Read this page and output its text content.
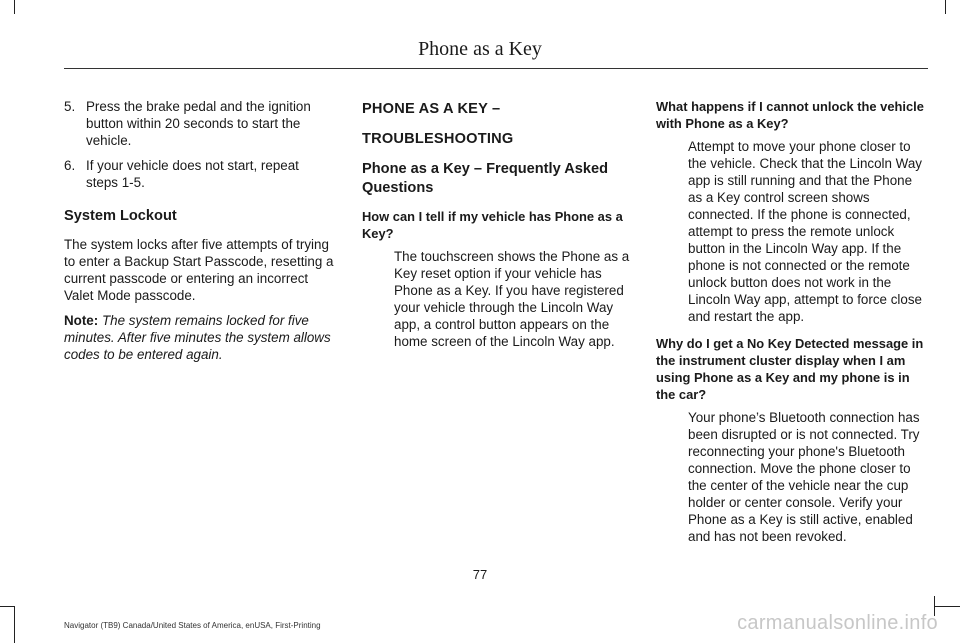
Phone as a Key
5. Press the brake pedal and the ignition button within 20 seconds to start the vehicle.
6. If your vehicle does not start, repeat steps 1-5.
System Lockout

The system locks after five attempts of trying to enter a Backup Start Passcode, resetting a current passcode or entering an incorrect Valet Mode passcode.

Note: The system remains locked for five minutes. After five minutes the system allows codes to be entered again.

PHONE AS A KEY –
TROUBLESHOOTING
Phone as a Key – Frequently Asked Questions
How can I tell if my vehicle has Phone as a Key?
The touchscreen shows the Phone as a Key reset option if your vehicle has Phone as a Key. If you have registered your vehicle through the Lincoln Way app, a control button appears on the home screen of the Lincoln Way app.
What happens if I cannot unlock the vehicle with Phone as a Key?
Attempt to move your phone closer to the vehicle. Check that the Lincoln Way app is still running and that the Phone as a Key control screen shows connected. If the phone is connected, attempt to press the remote unlock button in the Lincoln Way app. If the phone is not connected or the remote unlock button does not work in the Lincoln Way app, attempt to force close and restart the app.
Why do I get a No Key Detected message in the instrument cluster display when I am using Phone as a Key and my phone is in the car?
Your phone’s Bluetooth connection has been disrupted or is not connected. Try reconnecting your phone's Bluetooth connection. Move the phone closer to the center of the vehicle near the cup holder or center console. Verify your Phone as a Key is still active, enabled and has not been revoked.
77
Navigator (TB9) Canada/United States of America, enUSA, First-Printing	carmanualsonline.info
